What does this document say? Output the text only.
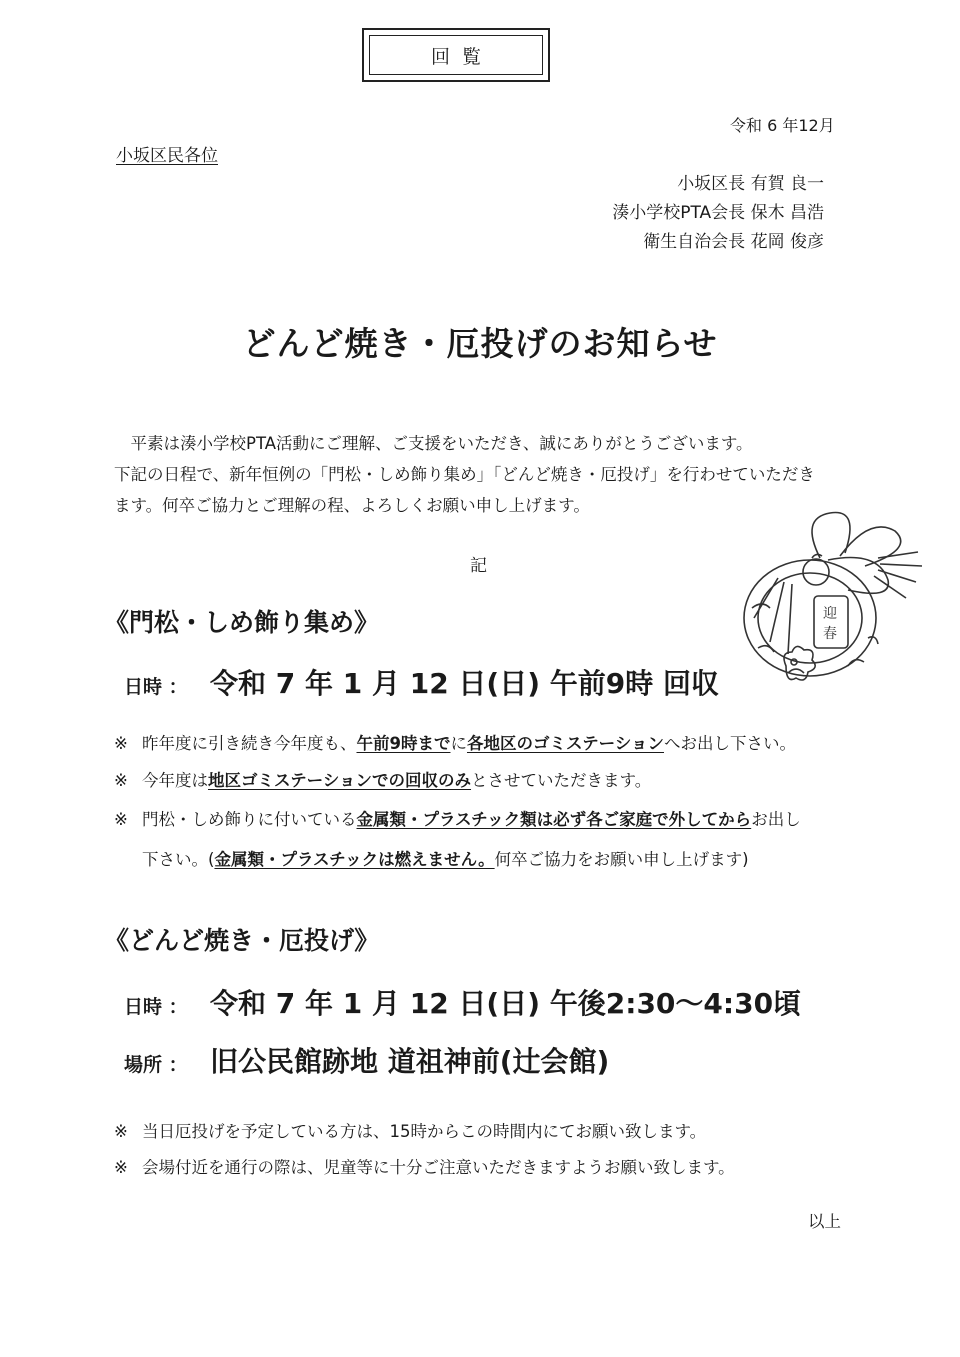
回覧
令和 6 年12月
小坂区民各位
小坂区長 有賀 良一
湊小学校PTA会長 保木 昌浩
衛生自治会長 花岡 俊彦
どんど焼き・厄投げのお知らせ
　平素は湊小学校PTA活動にご理解、ご支援をいただき、誠にありがとうございます。
下記の日程で、新年恒例の「門松・しめ飾り集め」「どんど焼き・厄投げ」を行わせていただき
ます。何卒ご協力とご理解の程、よろしくお願い申し上げます。
記
《門松・しめ飾り集め》
日時 ： 令和 7 年 1 月 12 日(日) 午前9時 回収
※ 昨年度に引き続き今年度も、午前9時までに各地区のゴミステーションへお出し下さい。
※ 今年度は地区ゴミステーションでの回収のみとさせていただきます。
※ 門松・しめ飾りに付いている金属類・プラスチック類は必ず各ご家庭で外してからお出し
下さい。(金属類・プラスチックは燃えません。何卒ご協力をお願い申し上げます)
《どんど焼き・厄投げ》
日時 ： 令和 7 年 1 月 12 日(日) 午後2:30〜4:30頃
場所 ： 旧公民館跡地 道祖神前(辻会館)
※ 当日厄投げを予定している方は、15時からこの時間内にてお願い致します。
※ 会場付近を通行の際は、児童等に十分ご注意いただきますようお願い致します。
以上
迎
春
